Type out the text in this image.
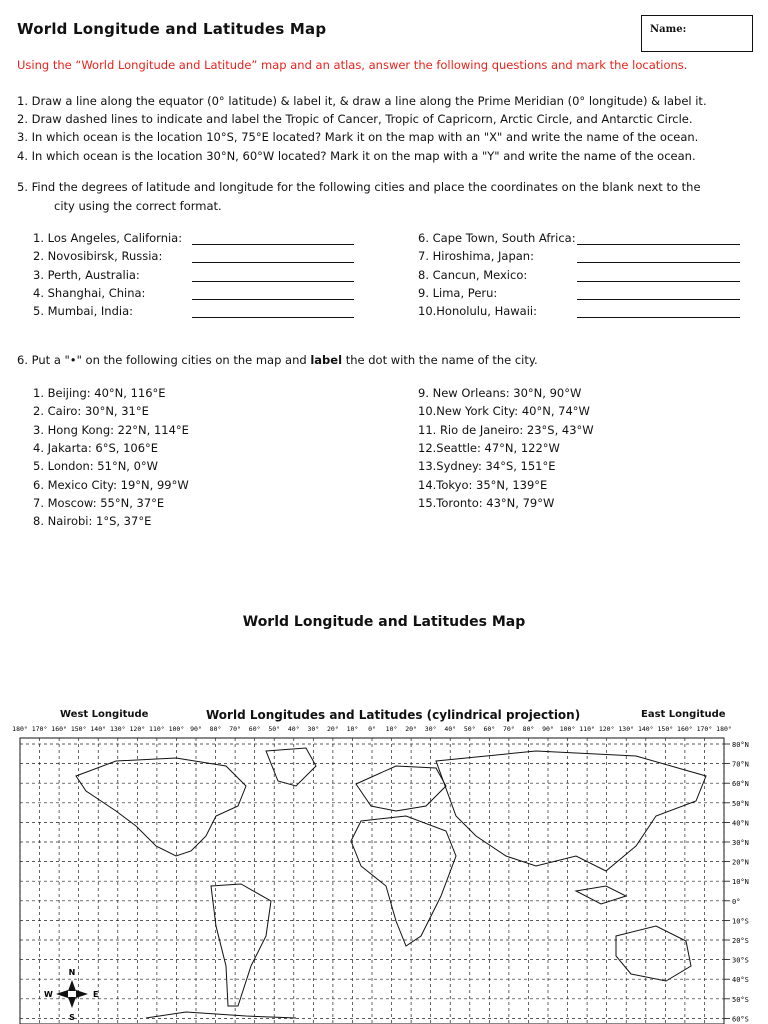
World Longitude and Latitudes Map	Name:
Using the “World Longitude and Latitude” map and an atlas, answer the following questions and mark the locations.
1. Draw a line along the equator (0° latitude) & label it, & draw a line along the Prime Meridian (0° longitude) & label it.
2. Draw dashed lines to indicate and label the Tropic of Cancer, Tropic of Capricorn, Arctic Circle, and Antarctic Circle.
3. In which ocean is the location 10°S, 75°E located? Mark it on the map with an "X" and write the name of the ocean.
4. In which ocean is the location 30°N, 60°W located? Mark it on the map with a "Y" and write the name of the ocean.
5. Find the degrees of latitude and longitude for the following cities and place the coordinates on the blank next to the
city using the correct format.
1. Los Angeles, California:
2. Novosibirsk, Russia:
3. Perth, Australia:
4. Shanghai, China:
5. Mumbai, India:
6. Cape Town, South Africa:
7. Hiroshima, Japan:
8. Cancun, Mexico:
9. Lima, Peru:
10.Honolulu, Hawaii:
6. Put a "•" on the following cities on the map and label the dot with the name of the city.
1. Beijing: 40°N, 116°E
2. Cairo: 30°N, 31°E
3. Hong Kong: 22°N, 114°E
4. Jakarta: 6°S, 106°E
5. London: 51°N, 0°W
6. Mexico City: 19°N, 99°W
7. Moscow: 55°N, 37°E
8. Nairobi: 1°S, 37°E
9. New Orleans: 30°N, 90°W
10.New York City: 40°N, 74°W
11. Rio de Janeiro: 23°S, 43°W
12.Seattle: 47°N, 122°W
13.Sydney: 34°S, 151°E
14.Tokyo: 35°N, 139°E
15.Toronto: 43°N, 79°W
World Longitude and Latitudes Map
West Longitude	East Longitude
World Longitudes and Latitudes (cylindrical projection)
180° 170° 160° 150° 140° 130° 120° 110° 100° 90° 80° 70° 60° 50° 40° 30° 20° 10° 0° 10° 20° 30° 40° 50° 60° 70° 80° 90° 100° 110° 120° 130° 140° 150° 160° 170° 180°
80°N
70°N
60°N
50°N
40°N
30°N
20°N
10°N
0°
10°S
20°S
30°S
40°S
50°S
60°S
N
S
E
W
